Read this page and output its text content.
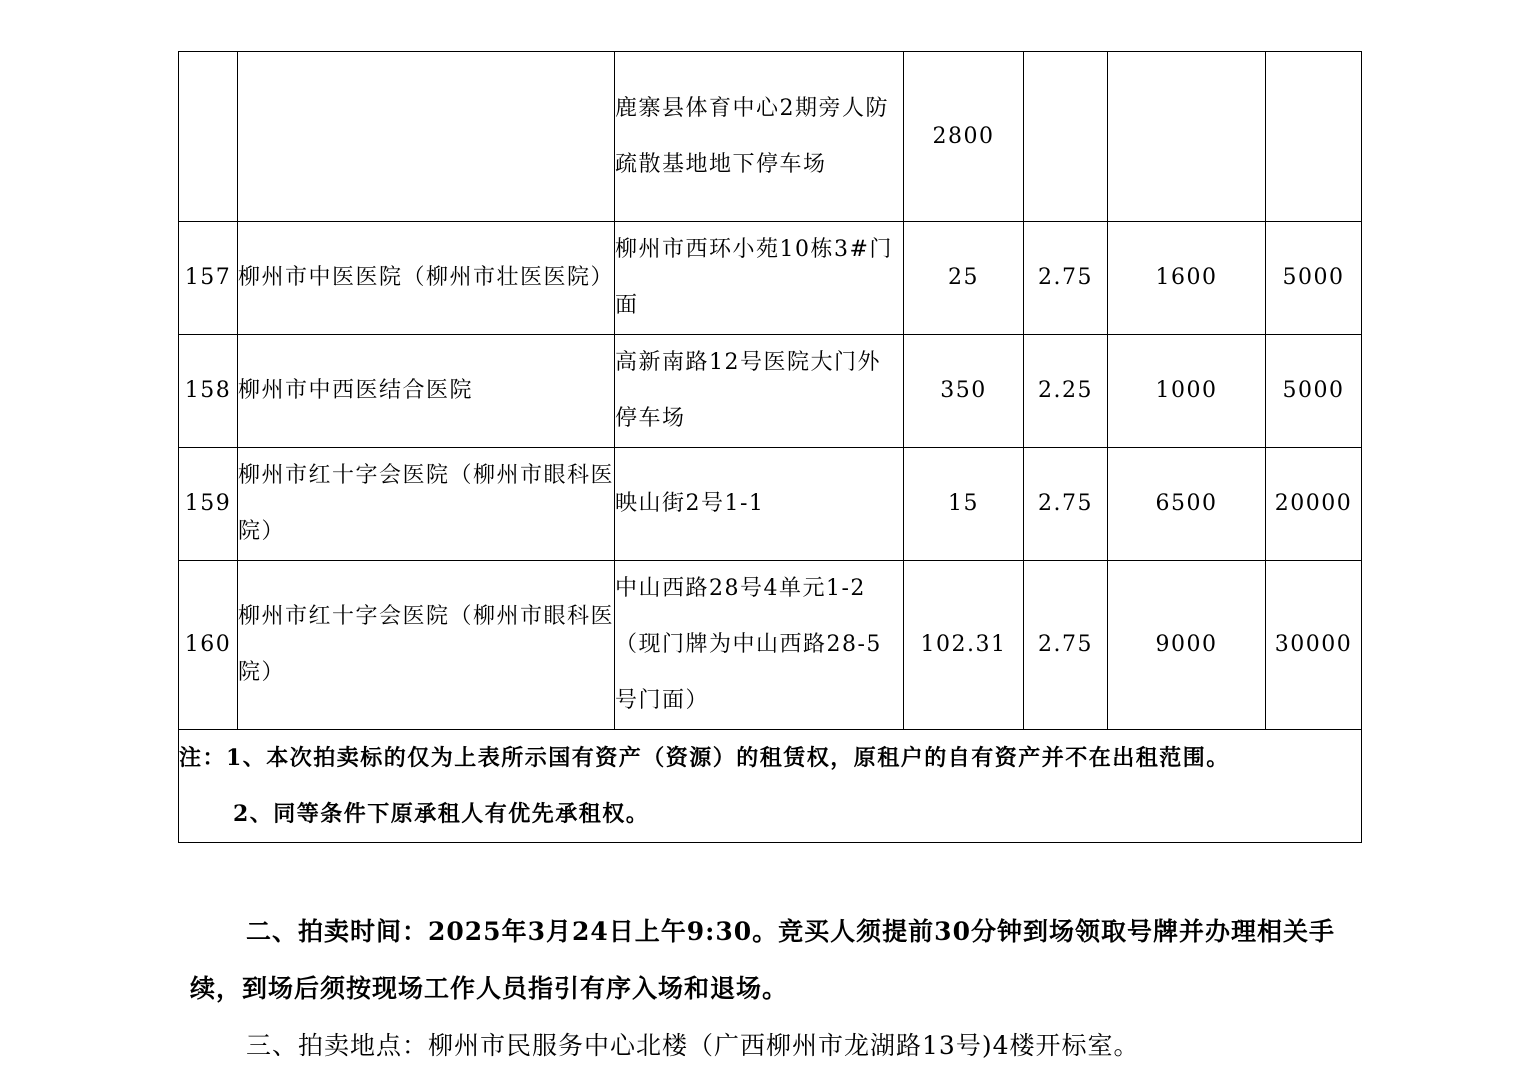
		鹿寨县体育中心2期旁人防疏散基地地下停车场	2800			
157	柳州市中医医院（柳州市壮医医院）	柳州市西环小苑10栋3#门面	25	2.75	1600	5000
158	柳州市中西医结合医院	高新南路12号医院大门外停车场	350	2.25	1000	5000
159	柳州市红十字会医院（柳州市眼科医院）	映山街2号1-1	15	2.75	6500	20000
160	柳州市红十字会医院（柳州市眼科医院）	中山西路28号4单元1-2（现门牌为中山西路28-5号门面）	102.31	2.75	9000	30000

注：1、本次拍卖标的仅为上表所示国有资产（资源）的租赁权，原租户的自有资产并不在出租范围。
2、同等条件下原承租人有优先承租权。						
二、拍卖时间：2025年3月24日上午9:30。竞买人须提前30分钟到场领取号牌并办理相关手续，到场后须按现场工作人员指引有序入场和退场。
三、拍卖地点：柳州市民服务中心北楼（广西柳州市龙湖路13号)4楼开标室。
